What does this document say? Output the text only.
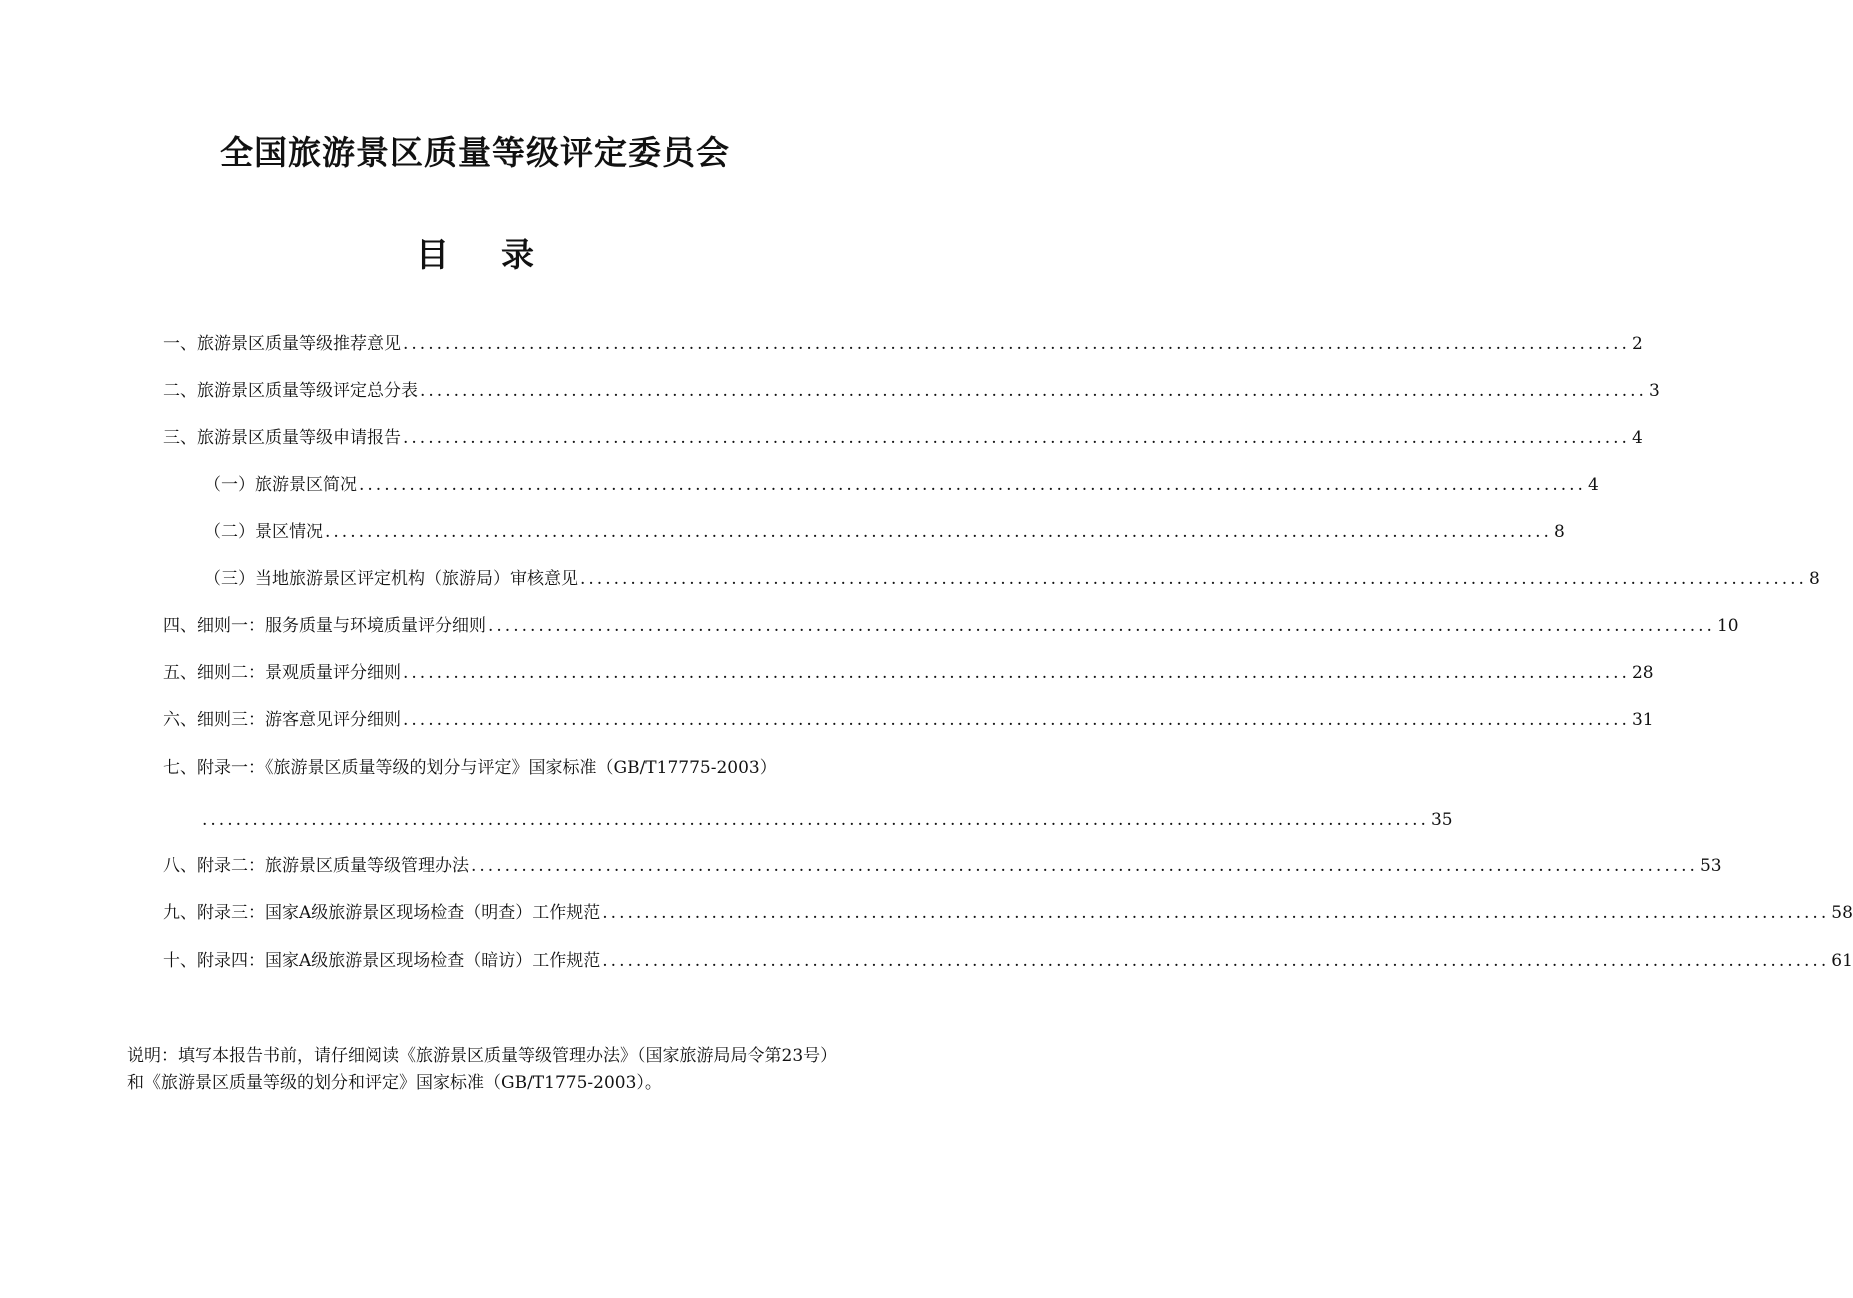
全国旅游景区质量等级评定委员会
目 录
一、旅游景区质量等级推荐意见 .................................................................................................................................................. 2
二、旅游景区质量等级评定总分表 .................................................................................................................................................. 3
三、旅游景区质量等级申请报告 .................................................................................................................................................. 4
（一）旅游景区简况 .................................................................................................................................................. 4
（二）景区情况 .................................................................................................................................................. 8
（三）当地旅游景区评定机构（旅游局）审核意见 .................................................................................................................................................. 8
四、细则一：服务质量与环境质量评分细则 .................................................................................................................................................. 10
五、细则二：景观质量评分细则 .................................................................................................................................................. 28
六、细则三：游客意见评分细则 .................................................................................................................................................. 31
七、附录一：《旅游景区质量等级的划分与评定》国家标准（GB/T17775-2003）
.................................................................................................................................................. 35
八、附录二：旅游景区质量等级管理办法 .................................................................................................................................................. 53
九、附录三：国家A级旅游景区现场检查（明查）工作规范 .................................................................................................................................................. 58
十、附录四：国家A级旅游景区现场检查（暗访）工作规范 .................................................................................................................................................. 61

说明：填写本报告书前，请仔细阅读《旅游景区质量等级管理办法》（国家旅游局局令第23号）和《旅游景区质量等级的划分和评定》国家标准（GB/T1775-2003）。
